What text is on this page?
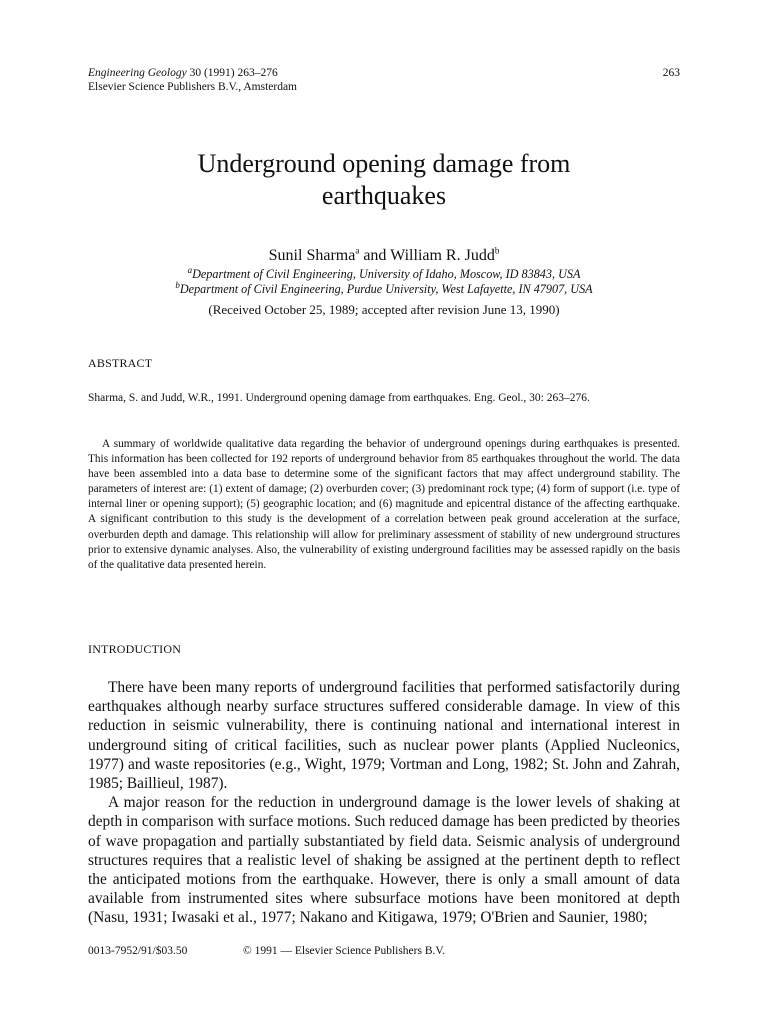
Engineering Geology 30 (1991) 263–276
Elsevier Science Publishers B.V., Amsterdam
263
Underground opening damage from
earthquakes
Sunil Sharma$^a$ and William R. Judd$^b$
$^a$Department of Civil Engineering, University of Idaho, Moscow, ID 83843, USA
$^b$Department of Civil Engineering, Purdue University, West Lafayette, IN 47907, USA
(Received October 25, 1989; accepted after revision June 13, 1990)
ABSTRACT
Sharma, S. and Judd, W.R., 1991. Underground opening damage from earthquakes. Eng. Geol., 30: 263–276.
A summary of worldwide qualitative data regarding the behavior of underground openings during earthquakes is presented. This information has been collected for 192 reports of underground behavior from 85 earthquakes throughout the world. The data have been assembled into a data base to determine some of the significant factors that may affect underground stability. The parameters of interest are: (1) extent of damage; (2) overburden cover; (3) predominant rock type; (4) form of support (i.e. type of internal liner or opening support); (5) geographic location; and (6) magnitude and epicentral distance of the affecting earthquake. A significant contribution to this study is the development of a correlation between peak ground acceleration at the surface, overburden depth and damage. This relationship will allow for preliminary assessment of stability of new underground structures prior to extensive dynamic analyses. Also, the vulnerability of existing underground facilities may be assessed rapidly on the basis of the qualitative data presented herein.
INTRODUCTION

There have been many reports of underground facilities that performed satisfactorily during earthquakes although nearby surface structures suffered considerable damage. In view of this reduction in seismic vulnerability, there is continuing national and international interest in underground siting of critical facilities, such as nuclear power plants (Applied Nucleonics, 1977) and waste repositories (e.g., Wight, 1979; Vortman and Long, 1982; St. John and Zahrah, 1985; Baillieul, 1987).

A major reason for the reduction in underground damage is the lower levels of shaking at depth in comparison with surface motions. Such reduced damage has been predicted by theories of wave propagation and partially substantiated by field data. Seismic analysis of underground structures requires that a realistic level of shaking be assigned at the pertinent depth to reflect the anticipated motions from the earthquake. However, there is only a small amount of data available from instrumented sites where subsurface motions have been monitored at depth (Nasu, 1931; Iwasaki et al., 1977; Nakano and Kitigawa, 1979; O'Brien and Saunier, 1980;

0013-7952/91/$03.50	© 1991 — Elsevier Science Publishers B.V.
